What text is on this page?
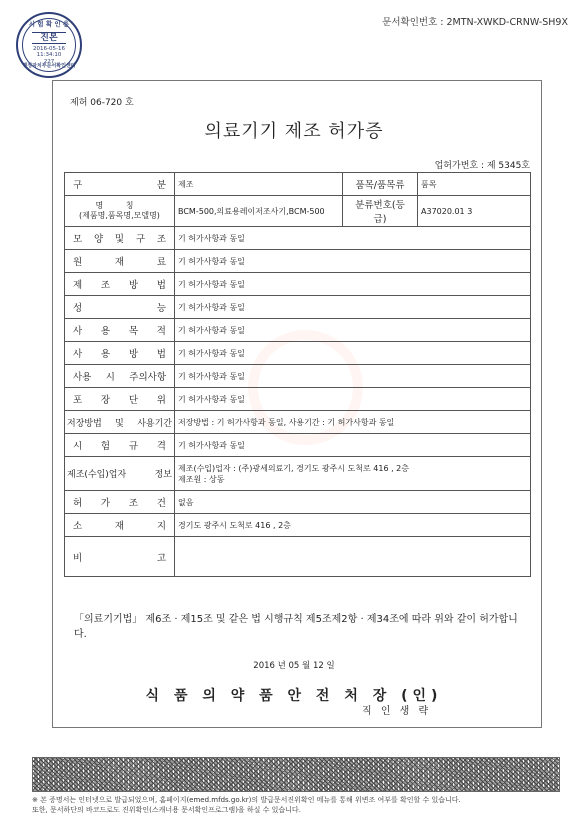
문서확인번호 : 2MTN-XWKD-CRNW-SH9X
시 험 확 인 용
진본
2016-05-16
11:34:10
227
행정자치부문서확인센터
제허 06-720 호
의료기기 제조 허가증
업허가번호 : 제 5345호
구 분	제조	품목/품목류	품목

명 칭
(제품명,품목명,모델명)	BCM-500,의료용레이저조사기,BCM-500	분류번호(등급)	A37020.01 3
모 양 및 구 조	기 허가사항과 동일		
원 재 료	기 허가사항과 동일		
제 조 방 법	기 허가사항과 동일		
성 능	기 허가사항과 동일		
사 용 목 적	기 허가사항과 동일		
사 용 방 법	기 허가사항과 동일		
사용 시 주의사항	기 허가사항과 동일		
포 장 단 위	기 허가사항과 동일		
저장방법 및 사용기간	저장방법 : 기 허가사항과 동일, 사용기간 : 기 허가사항과 동일		
시 험 규 격	기 허가사항과 동일		
제조(수입)업자 정보	제조(수입)업자 : (주)광세의료기, 경기도 광주시 도척로 416 , 2층
제조원 : 상동		

허 가 조 건	없음		
소 재 지	경기도 광주시 도척로 416 , 2층		
비 고			
「의료기기법」 제6조 · 제15조 및 같은 법 시행규칙 제5조제2항 · 제34조에 따라 위와 같이 허가합니다.
2016 년 05 월 12 일
식 품 의 약 품 안 전 처 장 (인)
직 인 생 략
※ 본 증명서는 인터넷으로 발급되었으며, 홈페이지(emed.mfds.go.kr)의 발급문서진위확인 메뉴를 통해 위변조 여부를 확인할 수 있습니다.
또한, 문서하단의 바코드로도 진위확인(스캐너용 문서확인프로그램)을 하실 수 있습니다.
